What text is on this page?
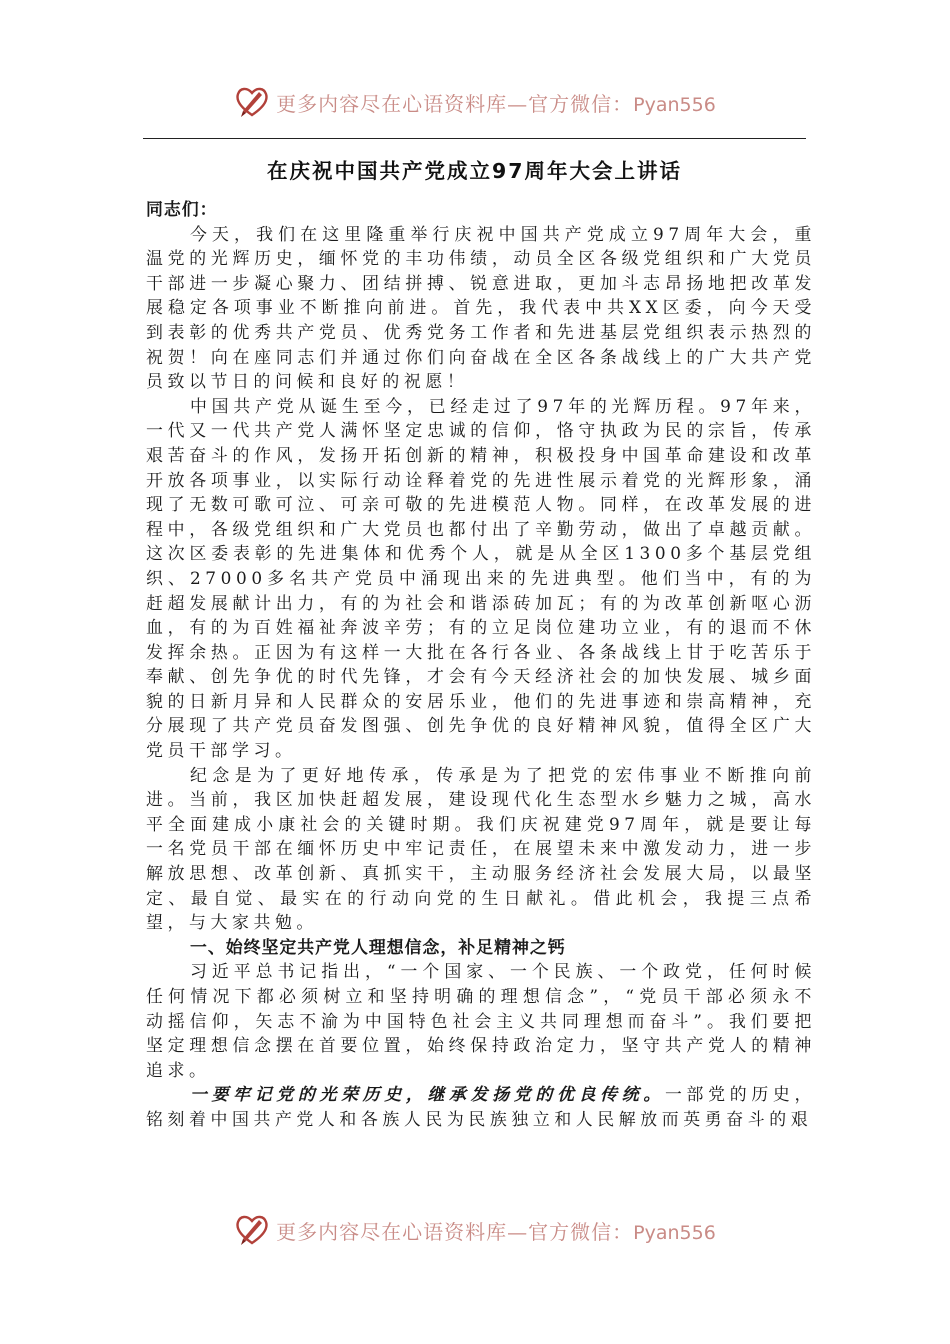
更多内容尽在心语资料库—官方微信：Pyan556
在庆祝中国共产党成立97周年大会上讲话

同志们：

今天，我们在这里隆重举行庆祝中国共产党成立97周年大会，重温党的光辉历史，缅怀党的丰功伟绩，动员全区各级党组织和广大党员干部进一步凝心聚力、团结拼搏、锐意进取，更加斗志昂扬地把改革发展稳定各项事业不断推向前进。首先，我代表中共XX区委，向今天受到表彰的优秀共产党员、优秀党务工作者和先进基层党组织表示热烈的祝贺！向在座同志们并通过你们向奋战在全区各条战线上的广大共产党员致以节日的问候和良好的祝愿！

中国共产党从诞生至今，已经走过了97年的光辉历程。97年来，一代又一代共产党人满怀坚定忠诚的信仰，恪守执政为民的宗旨，传承艰苦奋斗的作风，发扬开拓创新的精神，积极投身中国革命建设和改革开放各项事业，以实际行动诠释着党的先进性展示着党的光辉形象，涌现了无数可歌可泣、可亲可敬的先进模范人物。同样，在改革发展的进程中，各级党组织和广大党员也都付出了辛勤劳动，做出了卓越贡献。这次区委表彰的先进集体和优秀个人，就是从全区1300多个基层党组织、27000多名共产党员中涌现出来的先进典型。他们当中，有的为赶超发展献计出力，有的为社会和谐添砖加瓦；有的为改革创新呕心沥血，有的为百姓福祉奔波辛劳；有的立足岗位建功立业，有的退而不休发挥余热。正因为有这样一大批在各行各业、各条战线上甘于吃苦乐于奉献、创先争优的时代先锋，才会有今天经济社会的加快发展、城乡面貌的日新月异和人民群众的安居乐业，他们的先进事迹和崇高精神，充分展现了共产党员奋发图强、创先争优的良好精神风貌，值得全区广大党员干部学习。

纪念是为了更好地传承，传承是为了把党的宏伟事业不断推向前进。当前，我区加快赶超发展，建设现代化生态型水乡魅力之城，高水平全面建成小康社会的关键时期。我们庆祝建党97周年，就是要让每一名党员干部在缅怀历史中牢记责任，在展望未来中激发动力，进一步解放思想、改革创新、真抓实干，主动服务经济社会发展大局，以最坚定、最自觉、最实在的行动向党的生日献礼。借此机会，我提三点希望，与大家共勉。

一、始终坚定共产党人理想信念，补足精神之钙

习近平总书记指出，“一个国家、一个民族、一个政党，任何时候任何情况下都必须树立和坚持明确的理想信念”，“党员干部必须永不动摇信仰，矢志不渝为中国特色社会主义共同理想而奋斗”。我们要把坚定理想信念摆在首要位置，始终保持政治定力，坚守共产党人的精神追求。

一要牢记党的光荣历史，继承发扬党的优良传统。一部党的历史，铭刻着中国共产党人和各族人民为民族独立和人民解放而英勇奋斗的艰

更多内容尽在心语资料库—官方微信：Pyan556
